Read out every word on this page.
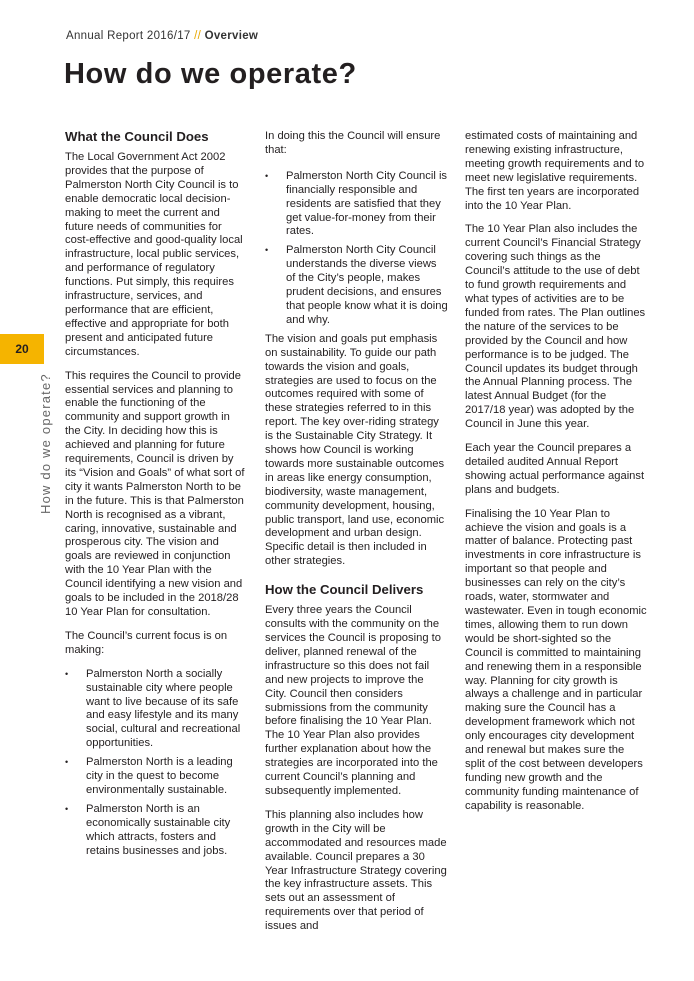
Annual Report 2016/17 // Overview
How do we operate?
20
How do we operate?
What the Council Does

The Local Government Act 2002 provides that the purpose of Palmerston North City Council is to enable democratic local decision-making to meet the current and future needs of communities for cost-effective and good-quality local infrastructure, local public services, and performance of regulatory functions. Put simply, this requires infrastructure, services, and performance that are efficient, effective and appropriate for both present and anticipated future circumstances.

This requires the Council to provide essential services and planning to enable the functioning of the community and support growth in the City. In deciding how this is achieved and planning for future requirements, Council is driven by its “Vision and Goals” of what sort of city it wants Palmerston North to be in the future. This is that Palmerston North is recognised as a vibrant, caring, innovative, sustainable and prosperous city. The vision and goals are reviewed in conjunction with the 10 Year Plan with the Council identifying a new vision and goals to be included in the 2018/28 10 Year Plan for consultation.

The Council’s current focus is on making:

• Palmerston North a socially sustainable city where people want to live because of its safe and easy lifestyle and its many social, cultural and recreational opportunities.
• Palmerston North is a leading city in the quest to become environmentally sustainable.
• Palmerston North is an economically sustainable city which attracts, fosters and retains businesses and jobs.

In doing this the Council will ensure that:

• Palmerston North City Council is financially responsible and residents are satisfied that they get value-for-money from their rates.
• Palmerston North City Council understands the diverse views of the City’s people, makes prudent decisions, and ensures that people know what it is doing and why.

The vision and goals put emphasis on sustainability. To guide our path towards the vision and goals, strategies are used to focus on the outcomes required with some of these strategies referred to in this report. The key over-riding strategy is the Sustainable City Strategy. It shows how Council is working towards more sustainable outcomes in areas like energy consumption, biodiversity, waste management, community development, housing, public transport, land use, economic development and urban design. Specific detail is then included in other strategies.

How the Council Delivers

Every three years the Council consults with the community on the services the Council is proposing to deliver, planned renewal of the infrastructure so this does not fail and new projects to improve the City. Council then considers submissions from the community before finalising the 10 Year Plan. The 10 Year Plan also provides further explanation about how the strategies are incorporated into the current Council’s planning and subsequently implemented.

This planning also includes how growth in the City will be accommodated and resources made available. Council prepares a 30 Year Infrastructure Strategy covering the key infrastructure assets. This sets out an assessment of requirements over that period of issues and

estimated costs of maintaining and renewing existing infrastructure, meeting growth requirements and to meet new legislative requirements. The first ten years are incorporated into the 10 Year Plan.

The 10 Year Plan also includes the current Council’s Financial Strategy covering such things as the Council’s attitude to the use of debt to fund growth requirements and what types of activities are to be funded from rates. The Plan outlines the nature of the services to be provided by the Council and how performance is to be judged. The Council updates its budget through the Annual Planning process. The latest Annual Budget (for the 2017/18 year) was adopted by the Council in June this year.

Each year the Council prepares a detailed audited Annual Report showing actual performance against plans and budgets.

Finalising the 10 Year Plan to achieve the vision and goals is a matter of balance. Protecting past investments in core infrastructure is important so that people and businesses can rely on the city’s roads, water, stormwater and wastewater. Even in tough economic times, allowing them to run down would be short-sighted so the Council is committed to maintaining and renewing them in a responsible way. Planning for city growth is always a challenge and in particular making sure the Council has a development framework which not only encourages city development and renewal but makes sure the split of the cost between developers funding new growth and the community funding maintenance of capability is reasonable.
